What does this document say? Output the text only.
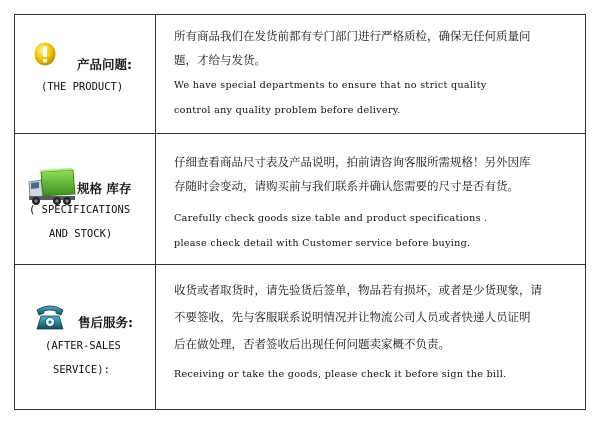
产品问题:
(THE PRODUCT)

所有商品我们在发货前都有专门部门进行严格质检，确保无任何质量问

题，才给与发货。

We have special departments to ensure that no strict quality

control any quality problem before delivery.

规格 库存
( SPECIFICATIONS
AND STOCK)

仔细查看商品尺寸表及产品说明，拍前请咨询客服所需规格！另外因库

存随时会变动，请购买前与我们联系并确认您需要的尺寸是否有货。

Carefully check goods size table and product specifications .

please check detail with Customer service before buying.

售后服务:
(AFTER-SALES
SERVICE):

收货或者取货时，请先验货后签单，物品若有损坏，或者是少货现象，请

不要签收，先与客服联系说明情况并让物流公司人员或者快递人员证明

后在做处理，否者签收后出现任何问题卖家概不负责。

Receiving or take the goods, please check it before sign the bill.
